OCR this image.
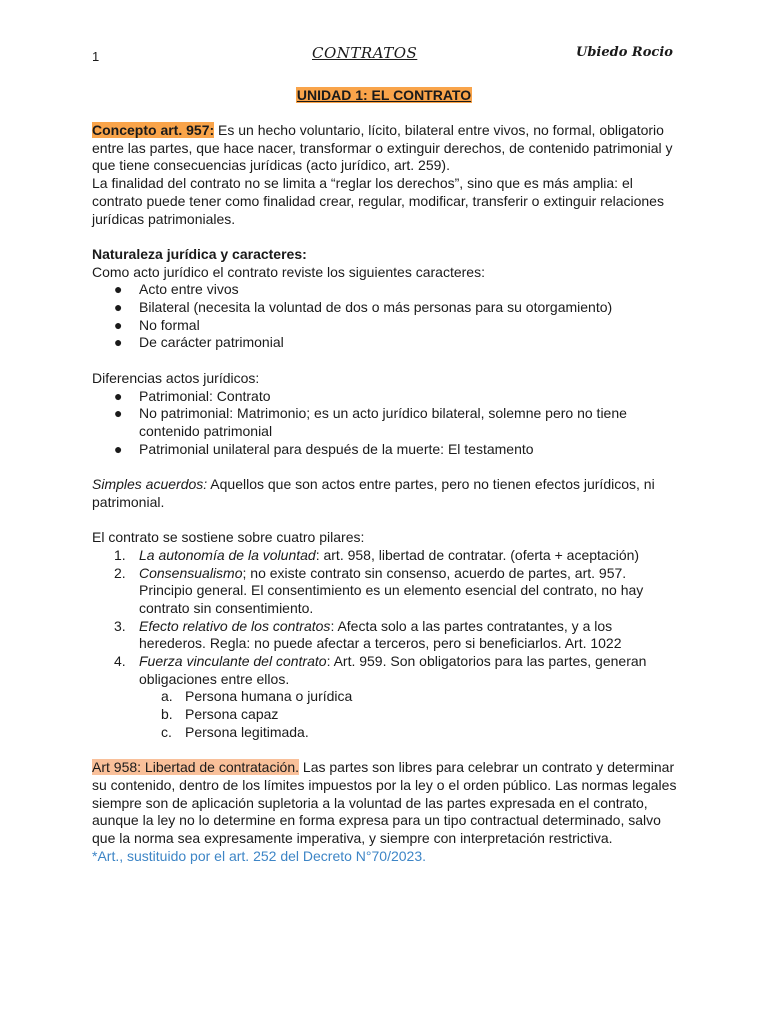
1	CONTRATOS	Ubiedo Rocio
UNIDAD 1: EL CONTRATO

Concepto art. 957: Es un hecho voluntario, lícito, bilateral entre vivos, no formal, obligatorio entre las partes, que hace nacer, transformar o extinguir derechos, de contenido patrimonial y que tiene consecuencias jurídicas (acto jurídico, art. 259).

La finalidad del contrato no se limita a “reglar los derechos”, sino que es más amplia: el contrato puede tener como finalidad crear, regular, modificar, transferir o extinguir relaciones jurídicas patrimoniales.

Naturaleza jurídica y caracteres:

Como acto jurídico el contrato reviste los siguientes caracteres:

● Acto entre vivos
● Bilateral (necesita la voluntad de dos o más personas para su otorgamiento)
● No formal
● De carácter patrimonial

Diferencias actos jurídicos:

● Patrimonial: Contrato
● No patrimonial: Matrimonio; es un acto jurídico bilateral, solemne pero no tiene contenido patrimonial
● Patrimonial unilateral para después de la muerte: El testamento

Simples acuerdos: Aquellos que son actos entre partes, pero no tienen efectos jurídicos, ni patrimonial.

El contrato se sostiene sobre cuatro pilares:

1. La autonomía de la voluntad: art. 958, libertad de contratar. (oferta + aceptación)
2. Consensualismo; no existe contrato sin consenso, acuerdo de partes, art. 957. Principio general. El consentimiento es un elemento esencial del contrato, no hay contrato sin consentimiento.
3. Efecto relativo de los contratos: Afecta solo a las partes contratantes, y a los herederos. Regla: no puede afectar a terceros, pero si beneficiarlos. Art. 1022
4. Fuerza vinculante del contrato: Art. 959. Son obligatorios para las partes, generan obligaciones entre ellos.
a. Persona humana o jurídica
b. Persona capaz
c. Persona legitimada.

Art 958: Libertad de contratación. Las partes son libres para celebrar un contrato y determinar su contenido, dentro de los límites impuestos por la ley o el orden público. Las normas legales siempre son de aplicación supletoria a la voluntad de las partes expresada en el contrato, aunque la ley no lo determine en forma expresa para un tipo contractual determinado, salvo que la norma sea expresamente imperativa, y siempre con interpretación restrictiva.

*Art., sustituido por el art. 252 del Decreto N°70/2023.
